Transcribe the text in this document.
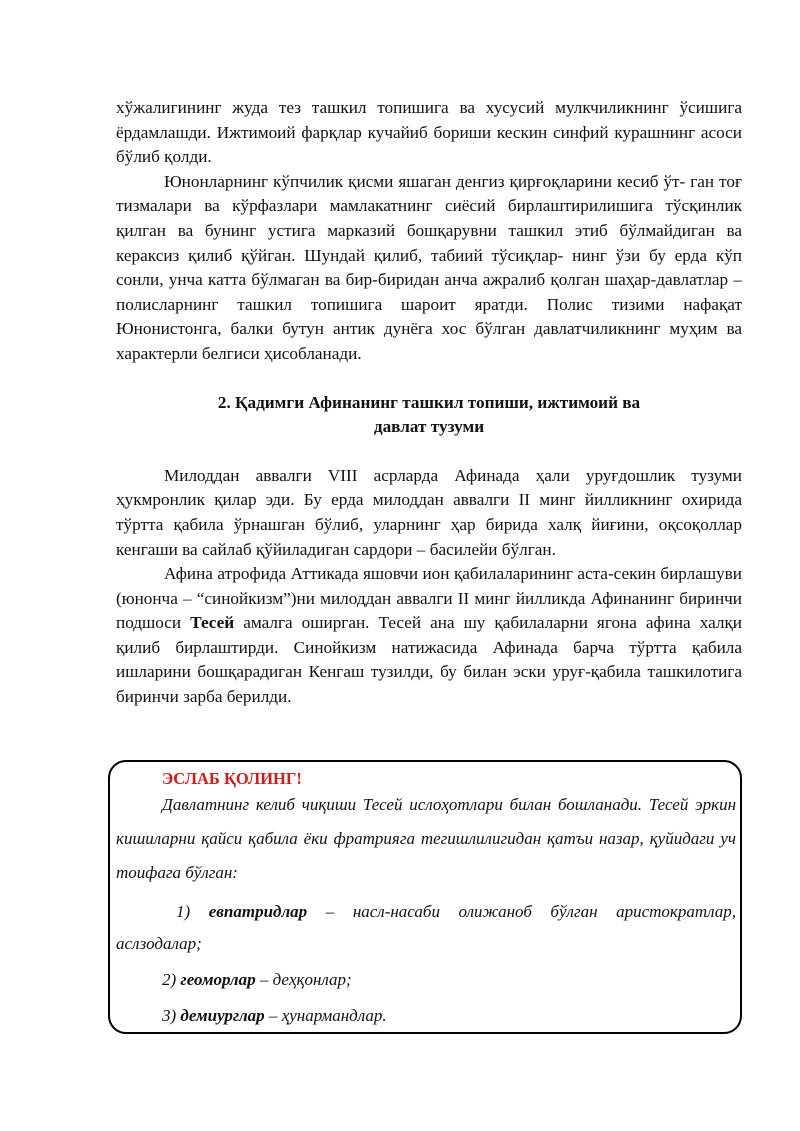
хўжалигининг жуда тез ташкил топишига ва хусусий мулкчиликнинг ўсишига ёрдамлашди. Ижтимоий фарқлар кучайиб бориши кескин синфий курашнинг асоси бўлиб қолди.

Юнонларнинг кўпчилик қисми яшаган денгиз қирғоқларини кесиб ўт- ган тоғ тизмалари ва кўрфазлари мамлакатнинг сиёсий бирлаштирилишига тўсқинлик қилган ва бунинг устига марказий бошқарувни ташкил этиб бўлмайдиган ва кераксиз қилиб қўйган. Шундай қилиб, табиий тўсиқлар- нинг ўзи бу ерда кўп сонли, унча катта бўлмаган ва бир-биридан анча ажралиб қолган шаҳар-давлатлар – полисларнинг ташкил топишига шароит яратди. Полис тизими нафақат Юнонистонга, балки бутун антик дунёга хос бўлган давлатчиликнинг муҳим ва характерли белгиси ҳисобланади.

2. Қадимги Афинанинг ташкил топиши, ижтимоий ва
давлат тузуми

Милоддан аввалги VIII асрларда Афинада ҳали уруғдошлик тузуми ҳукмронлик қилар эди. Бу ерда милоддан аввалги II минг йилликнинг охирида тўртта қабила ўрнашган бўлиб, уларнинг ҳар бирида халқ йиғини, оқсоқоллар кенгаши ва сайлаб қўйиладиган сардори – басилейи бўлган.

Афина атрофида Аттикада яшовчи ион қабилаларининг аста-секин бирлашуви (юнонча – “синойкизм”)ни милоддан аввалги II минг йилликда Афинанинг биринчи подшоси Тесей амалга оширган. Тесей ана шу қабилаларни ягона афина халқи қилиб бирлаштирди. Синойкизм натижасида Афинада барча тўртта қабила ишларини бошқарадиган Кенгаш тузилди, бу билан эски уруғ-қабила ташкилотига биринчи зарба берилди.

ЭСЛАБ ҚОЛИНГ!

Давлатнинг келиб чиқиши Тесей ислоҳотлари билан бошланади. Тесей эркин кишиларни қайси қабила ёки фратрияга тегишлилигидан қатъи назар, қуйидаги уч тоифага бўлган:

1) евпатридлар – насл-насаби олижаноб бўлган аристократлар, аслзодалар;

2) геоморлар – деҳқонлар;

3) демиурглар – ҳунармандлар.
